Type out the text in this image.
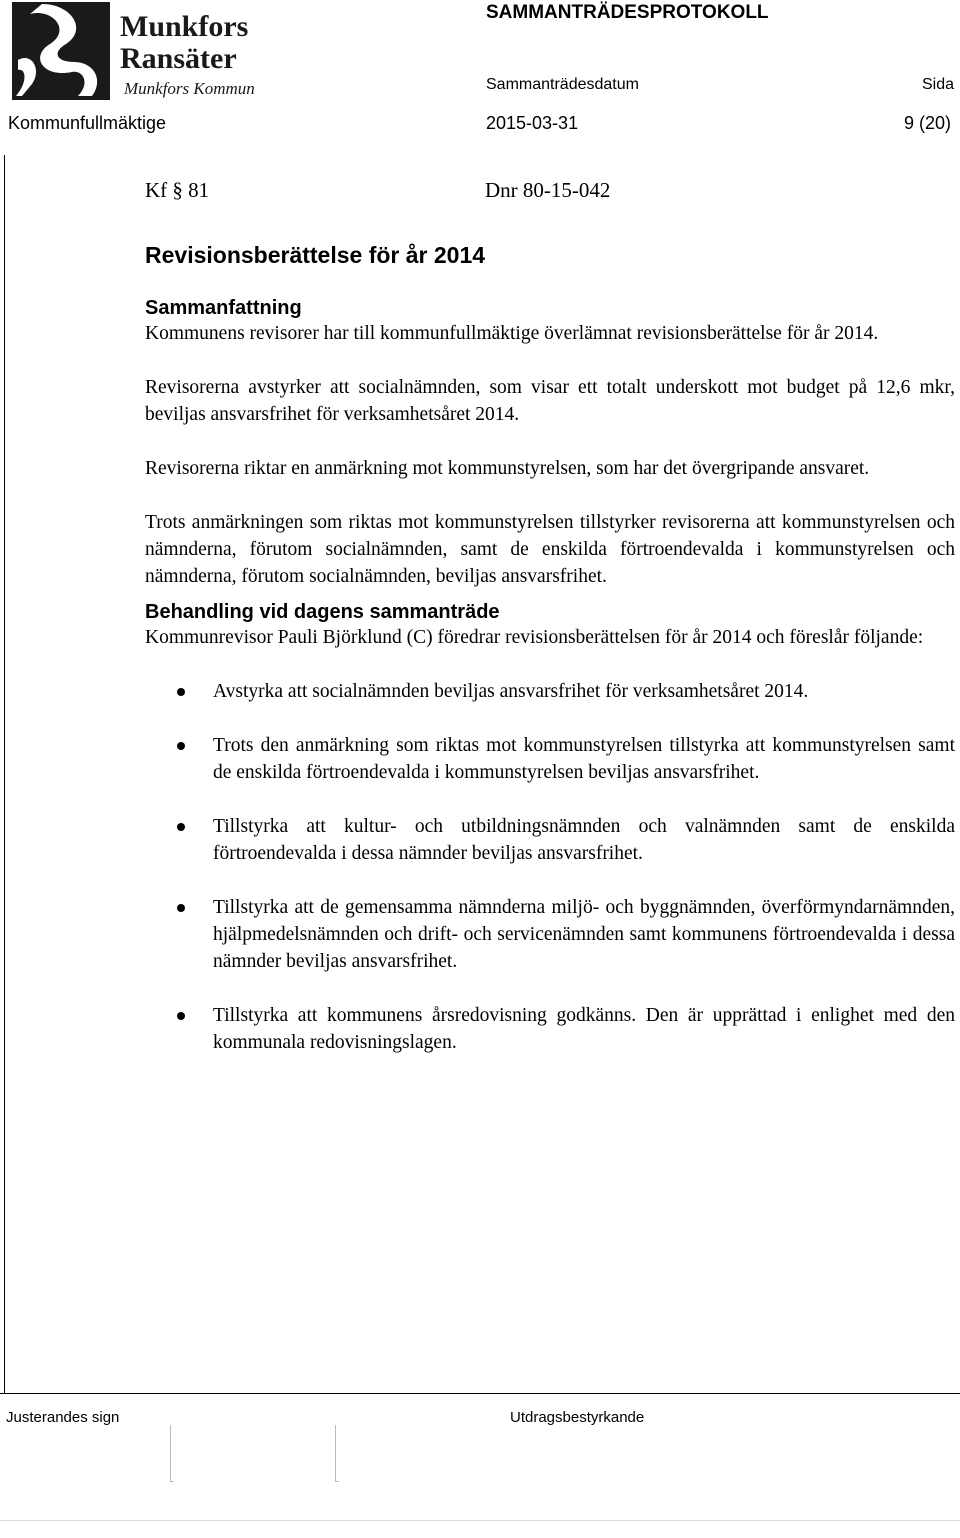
Munkfors
Ransäter
Munkfors Kommun
SAMMANTRÄDESPROTOKOLL
Sammanträdesdatum	Sida
Kommunfullmäktige	2015-03-31	9 (20)
Kf § 81	Dnr 80-15-042
Revisionsberättelse för år 2014
Sammanfattning

Kommunens revisorer har till kommunfullmäktige överlämnat revisionsberättelse för år 2014.

Revisorerna avstyrker att socialnämnden, som visar ett totalt underskott mot budget på 12,6 mkr, beviljas ansvarsfrihet för verksamhetsåret 2014.

Revisorerna riktar en anmärkning mot kommunstyrelsen, som har det övergripande ansvaret.

Trots anmärkningen som riktas mot kommunstyrelsen tillstyrker revisorerna att kommunstyrelsen och nämnderna, förutom socialnämnden, samt de enskilda förtroendevalda i kommunstyrelsen och nämnderna, förutom socialnämnden, beviljas ansvarsfrihet.

Behandling vid dagens sammanträde

Kommunrevisor Pauli Björklund (C) föredrar revisionsberättelsen för år 2014 och föreslår följande:

Avstyrka att socialnämnden beviljas ansvarsfrihet för verksamhetsåret 2014.
Trots den anmärkning som riktas mot kommunstyrelsen tillstyrka att kommunstyrelsen samt de enskilda förtroendevalda i kommunstyrelsen beviljas ansvarsfrihet.
Tillstyrka att kultur- och utbildningsnämnden och valnämnden samt de enskilda förtroendevalda i dessa nämnder beviljas ansvarsfrihet.
Tillstyrka att de gemensamma nämnderna miljö- och byggnämnden, överförmyndarnämnden, hjälpmedelsnämnden och drift- och servicenämnden samt kommunens förtroendevalda i dessa nämnder beviljas ansvarsfrihet.
Tillstyrka att kommunens årsredovisning godkänns. Den är upprättad i enlighet med den kommunala redovisningslagen.
Justerandes sign	Utdragsbestyrkande
